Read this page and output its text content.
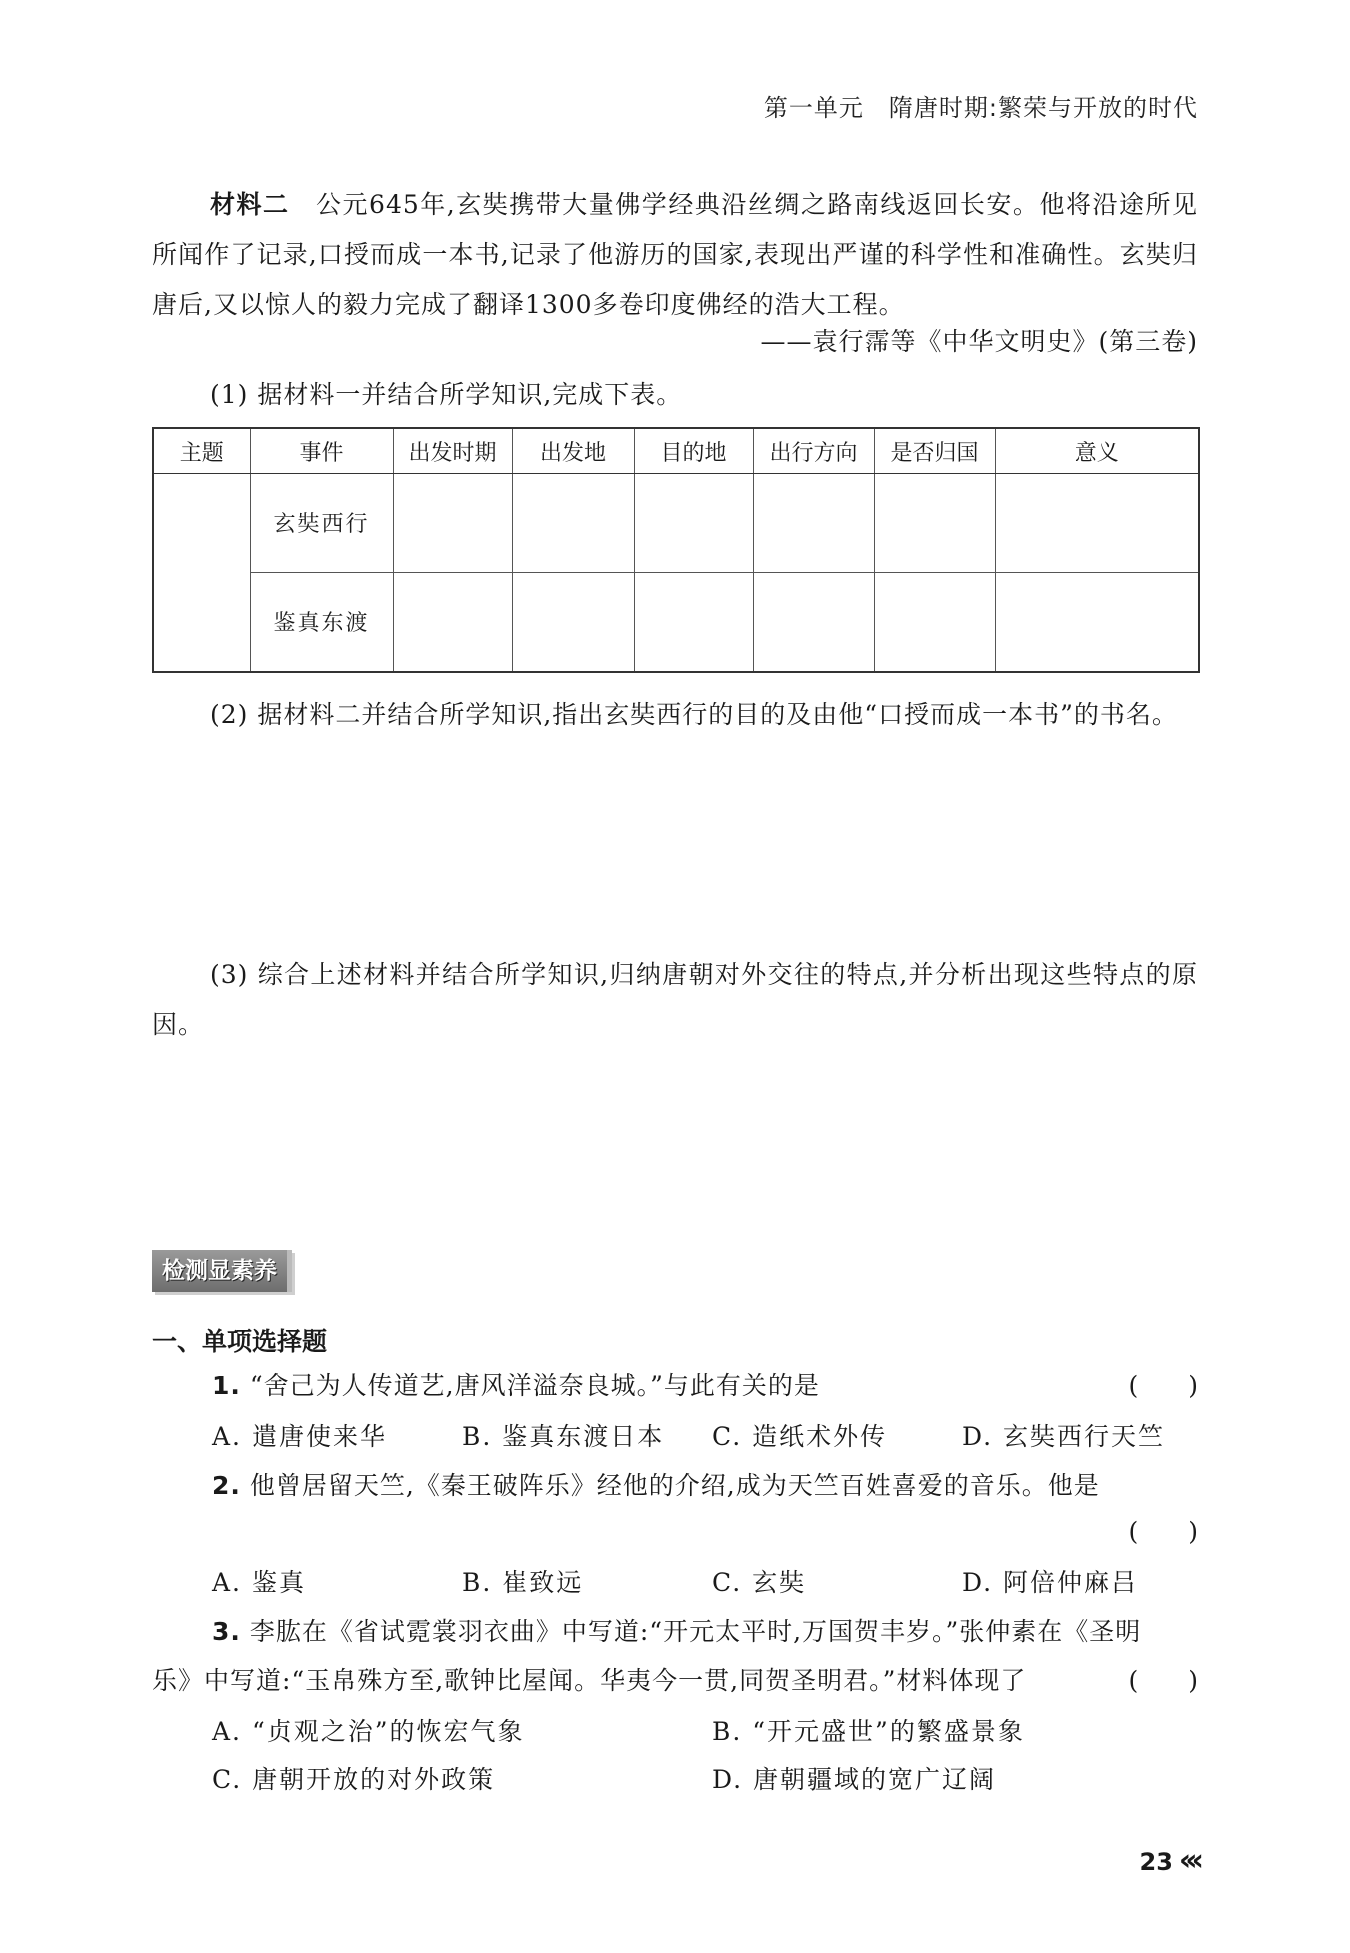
第一单元　隋唐时期:繁荣与开放的时代
材料二　公元645年,玄奘携带大量佛学经典沿丝绸之路南线返回长安。他将沿途所见所闻作了记录,口授而成一本书,记录了他游历的国家,表现出严谨的科学性和准确性。玄奘归唐后,又以惊人的毅力完成了翻译1300多卷印度佛经的浩大工程。
——袁行霈等《中华文明史》(第三卷)
(1) 据材料一并结合所学知识,完成下表。
主题	事件	出发时期	出发地	目的地	出行方向	是否归国	意义
	玄奘西行						
	鉴真东渡						
(2) 据材料二并结合所学知识,指出玄奘西行的目的及由他“口授而成一本书”的书名。
(3) 综合上述材料并结合所学知识,归纳唐朝对外交往的特点,并分析出现这些特点的原因。
检测显素养
一、单项选择题
1. “舍己为人传道艺,唐风洋溢奈良城。”与此有关的是	(　　)
A. 遣唐使来华	B. 鉴真东渡日本 C. 造纸术外传	D. 玄奘西行天竺
2. 他曾居留天竺,《秦王破阵乐》经他的介绍,成为天竺百姓喜爱的音乐。他是
(　　)
A. 鉴真	B. 崔致远	C. 玄奘	D. 阿倍仲麻吕
3. 李肱在《省试霓裳羽衣曲》中写道:“开元太平时,万国贺丰岁。”张仲素在《圣明
乐》中写道:“玉帛殊方至,歌钟比屋闻。华夷今一贯,同贺圣明君。”材料体现了	(　　)
A. “贞观之治”的恢宏气象	B. “开元盛世”的繁盛景象
C. 唐朝开放的对外政策	D. 唐朝疆域的宽广辽阔
23 ‹‹‹
